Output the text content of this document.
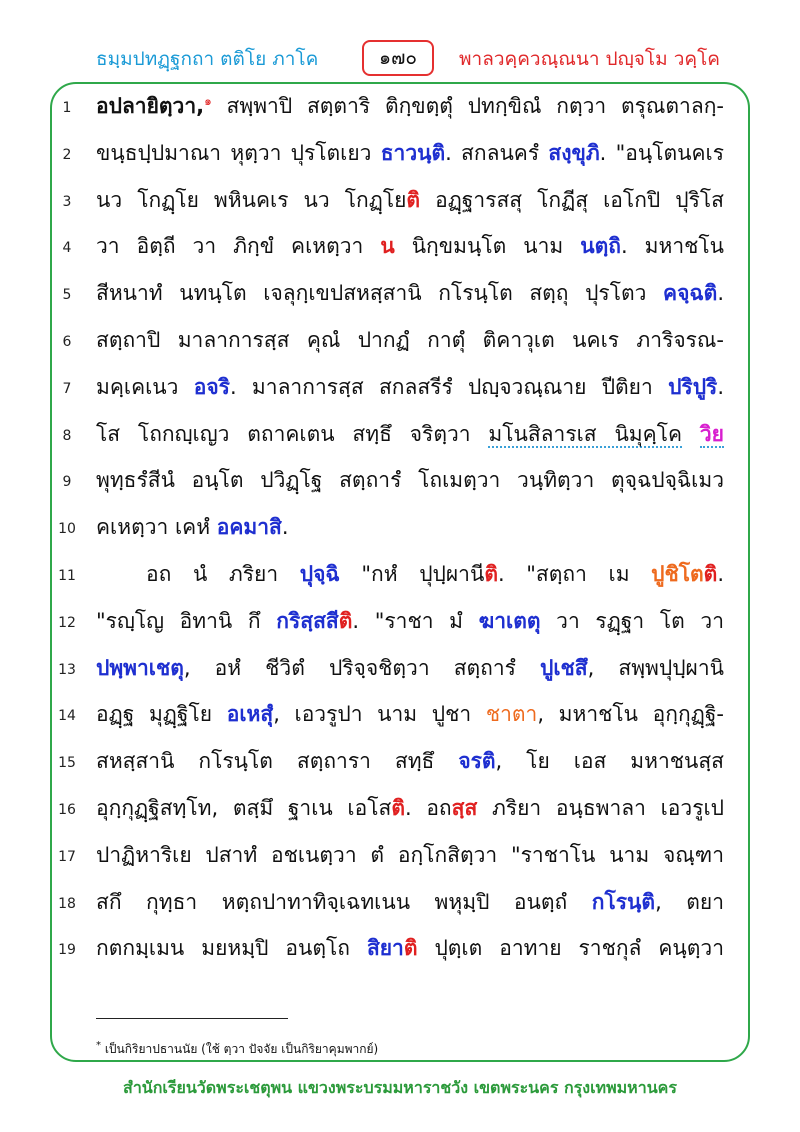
ธมฺมปทฏฺฐกถา ตติโย ภาโค	๑๗๐	พาลวคฺควณฺณนา ปญฺจโม วคฺโค
1	อปลายิตฺวา,$^๑$ สพฺพาปิ สตฺตาริ ติกฺขตฺตุํ ปทกฺขิณํ กตฺวา ตรุณตาลกฺ-
2	ขนฺธปฺปมาณา หุตฺวา ปุรโตเยว ธาวนฺติ. สกลนครํ สงฺขุภิ. "อนฺโตนคเร
3	นว โกฏฺโย พหินคเร นว โกฏฺโยติ อฏฺฐารสสุ โกฏีสุ เอโกปิ ปุริโส
4	วา อิตฺถี วา ภิกฺขํ คเหตฺวา น นิกฺขมนฺโต นาม นตฺถิ. มหาชโน
5	สีหนาทํ นทนฺโต เจลุกฺเขปสหสฺสานิ กโรนฺโต สตฺถุ ปุรโตว คจฺฉติ.
6	สตฺถาปิ มาลาการสฺส คุณํ ปากฏํ กาตุํ ติคาวุเต นคเร ภาริจรณ-
7	มคฺเคเนว อจริ. มาลาการสฺส สกลสรีรํ ปญฺจวณฺณาย ปีติยา ปริปูริ.
8	โส โถกญฺเญว ตถาคเตน สทฺธึ จริตฺวา มโนสิลารเส นิมุคฺโค วิย
9	พุทฺธรํสีนํ อนฺโต ปวิฏฺโฐ สตฺถารํ โถเมตฺวา วนฺทิตฺวา ตุจฺฉปจฺฉิเมว
10 คเหตฺวา เคหํ อคมาสิ.
11	อถ นํ ภริยา ปุจฺฉิ "กหํ ปุปฺผานีติ. "สตฺถา เม ปูชิโตติ.
12 "รญฺโญ อิทานิ กึ กริสฺสสีติ. "ราชา มํ ฆาเตตุ วา รฏฺฐา โต วา
13 ปพฺพาเชตุ, อหํ ชีวิตํ ปริจฺจชิตฺวา สตฺถารํ ปูเชสึ, สพฺพปุปฺผานิ
14 อฏฺฐ มุฏฺฐิโย อเหสุํ, เอวรูปา นาม ปูชา ชาตา, มหาชโน อุกฺกุฏฺฐิ-
15 สหสฺสานิ กโรนฺโต สตฺถารา สทฺธึ จรติ, โย เอส มหาชนสฺส
16 อุกฺกุฏฺฐิสทฺโท, ตสฺมึ ฐาเน เอโสติ. อถสฺส ภริยา อนฺธพาลา เอวรูเป
17 ปาฏิหาริเย ปสาทํ อชเนตฺวา ตํ อกฺโกสิตฺวา "ราชาโน นาม จณฺฑา
18 สกึ กุทฺธา หตฺถปาทาทิจฺเฉทเนน พหุมฺปิ อนตฺถํ กโรนฺติ, ตยา
19 กตกมฺเมน มยหมฺปิ อนตฺโถ สิยาติ ปุตฺเต อาทาย ราชกุลํ คนฺตฺวา
* เป็นกิริยาปธานนัย (ใช้ ตฺวา ปัจจัย เป็นกิริยาคุมพากย์)
สำนักเรียนวัดพระเชตุพน แขวงพระบรมมหาราชวัง เขตพระนคร กรุงเทพมหานคร
